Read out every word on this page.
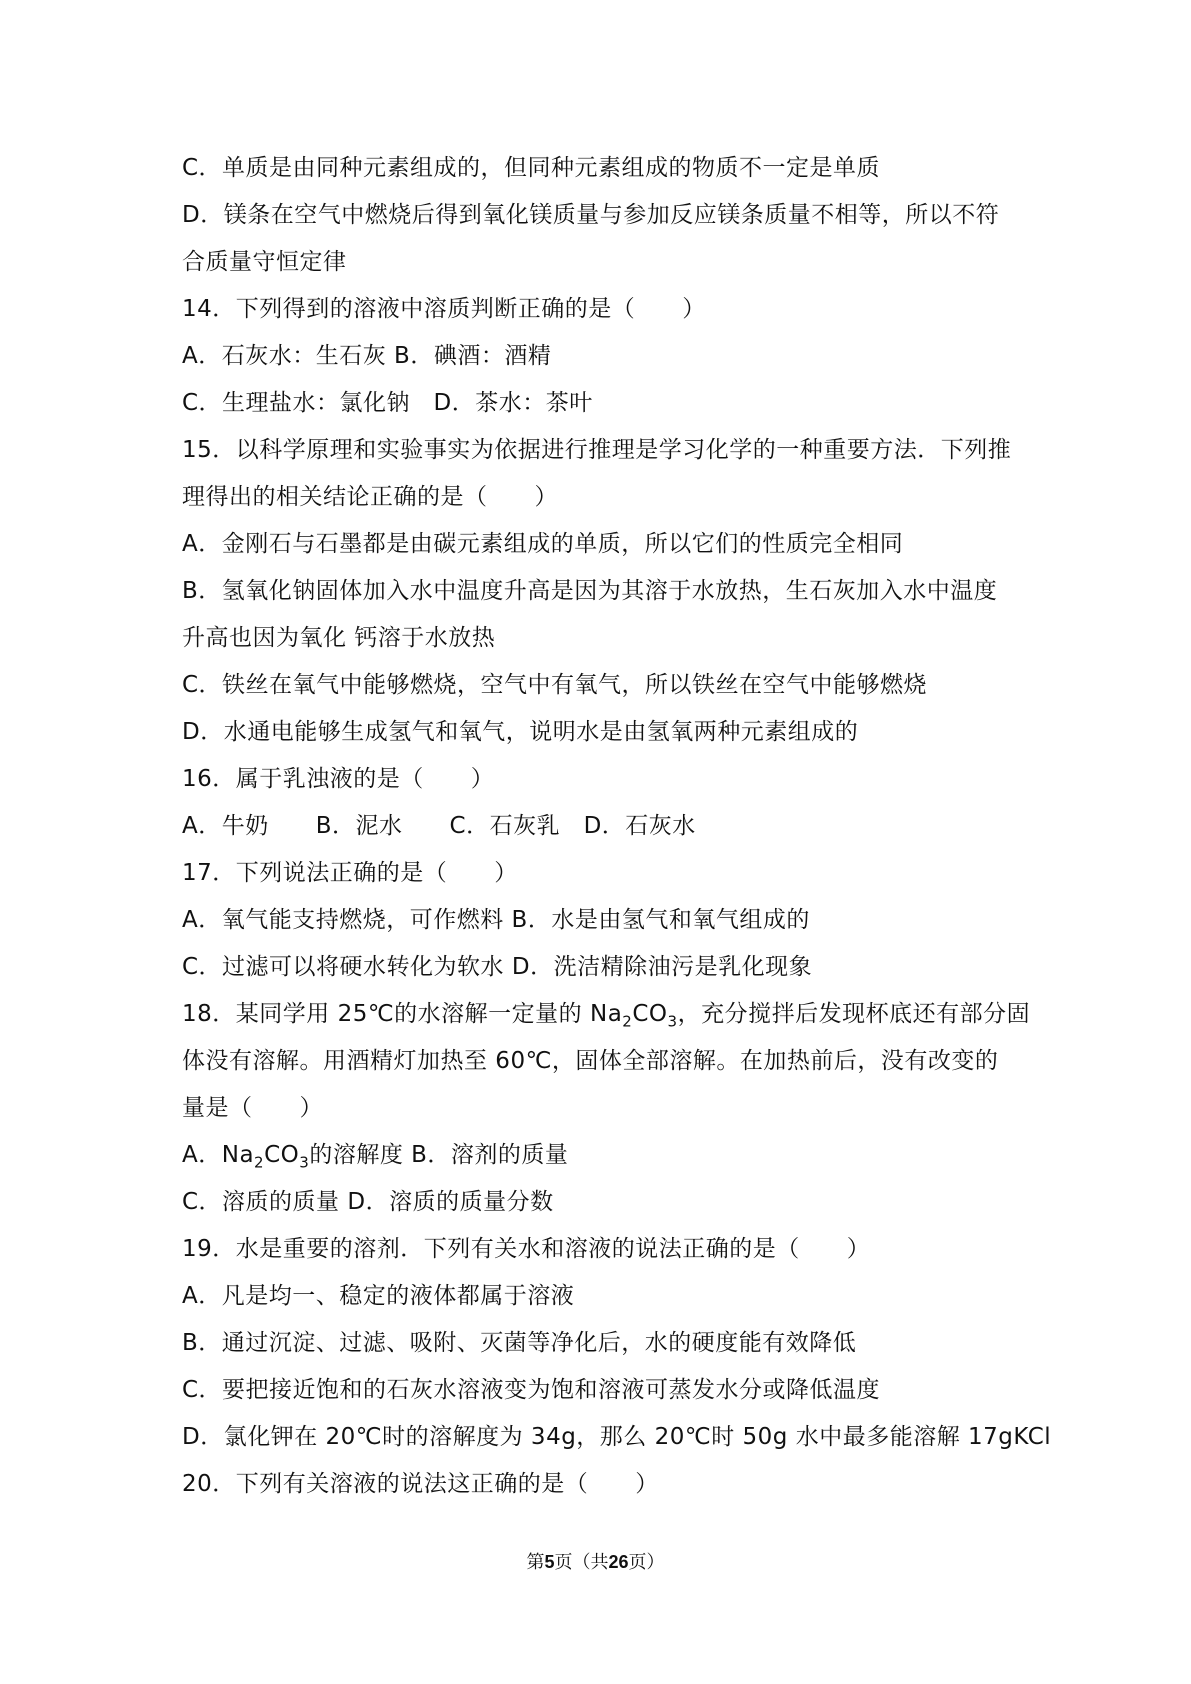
C．单质是由同种元素组成的，但同种元素组成的物质不一定是单质
D．镁条在空气中燃烧后得到氧化镁质量与参加反应镁条质量不相等，所以不符
合质量守恒定律
14．下列得到的溶液中溶质判断正确的是（　　）
A．石灰水：生石灰 B．碘酒：酒精
C．生理盐水：氯化钠　D．茶水：茶叶
15．以科学原理和实验事实为依据进行推理是学习化学的一种重要方法．下列推
理得出的相关结论正确的是（　　）
A．金刚石与石墨都是由碳元素组成的单质，所以它们的性质完全相同
B．氢氧化钠固体加入水中温度升高是因为其溶于水放热，生石灰加入水中温度
升高也因为氧化 钙溶于水放热
C．铁丝在氧气中能够燃烧，空气中有氧气，所以铁丝在空气中能够燃烧
D．水通电能够生成氢气和氧气，说明水是由氢氧两种元素组成的
16．属于乳浊液的是（　　）
A．牛奶　　B．泥水　　C．石灰乳　D．石灰水
17．下列说法正确的是（　　）
A．氧气能支持燃烧，可作燃料 B．水是由氢气和氧气组成的
C．过滤可以将硬水转化为软水 D．洗洁精除油污是乳化现象
18．某同学用 25℃的水溶解一定量的 $Na_2CO_3$，充分搅拌后发现杯底还有部分固
体没有溶解。用酒精灯加热至 60℃，固体全部溶解。在加热前后，没有改变的
量是（　　）
A．$Na_2CO_3$的溶解度 B．溶剂的质量
C．溶质的质量 D．溶质的质量分数
19．水是重要的溶剂．下列有关水和溶液的说法正确的是（　　）
A．凡是均一、稳定的液体都属于溶液
B．通过沉淀、过滤、吸附、灭菌等净化后，水的硬度能有效降低
C．要把接近饱和的石灰水溶液变为饱和溶液可蒸发水分或降低温度
D．氯化钾在 20℃时的溶解度为 34g，那么 20℃时 50g 水中最多能溶解 17gKCl
20．下列有关溶液的说法这正确的是（　　）
第5页（共26页）
